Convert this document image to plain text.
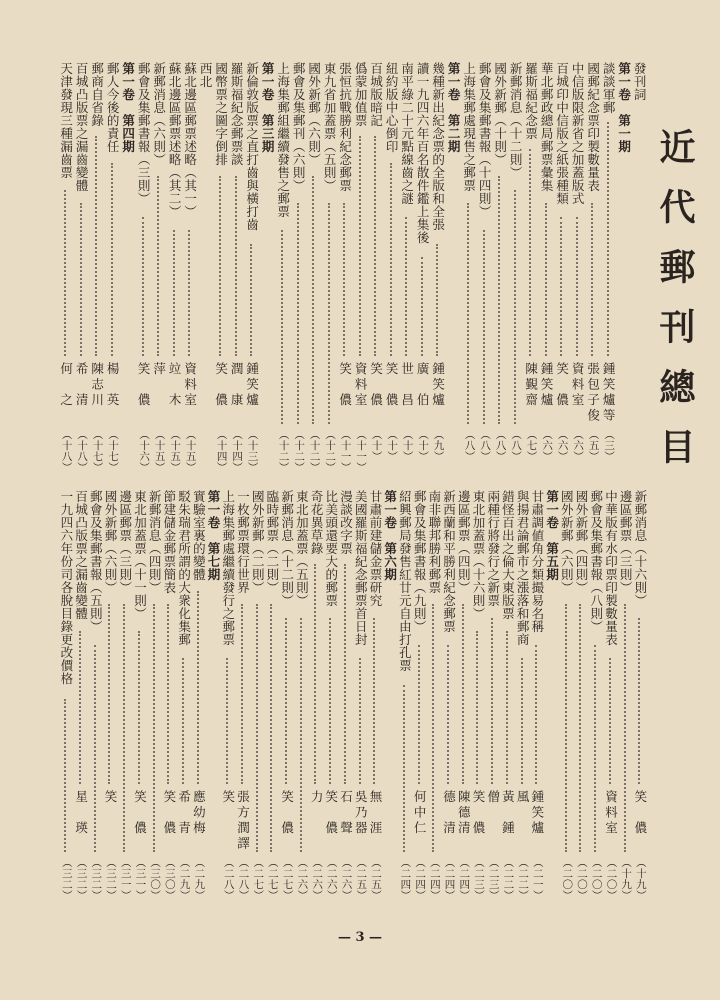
近代郵刊總目
發刊詞
第一卷　第一期
談談軍郵
鍾笑爐等
（三）
國郵紀念票印製數量表
張包子俊
（五）
中信版限新省之加蓋版式
資料室
（六）
百城印中信版之紙張種類
笑　儂
（六）
華北郵政總局郵票彙集
鍾笑爐
（六）
羅斯福紀念票
陳覲齋
（七）
新郵消息（十二則）
（八）
國外新郵（十則）
（八）
郵會及集郵書報（十四則）
（八）
上海集郵處現售之郵票
（八）
第一卷　第二期
幾種新出紀念票的全版和全張
鍾笑爐
（九）
讀一九四六年百名散件鑑上集後
廣　伯
（十）
南平綠二十元點線齒之謎
世　昌
（十）
紐約版中心倒印
笑　儂
（十）
百城版暗記
笑　儂
（十）
僞蒙加值票
資料室
（十一）
張恒抗戰勝利紀念郵票
笑　儂
（十一）
東九省加蓋票（五則）
（十二）
國外新郵（六則）
（十二）
郵會及集郵刊（六則）
（十二）
上海集郵組繼續發售之郵票
（十二）
第一卷　第三期
新倫敦版票之直打齒與橫打齒
鍾笑爐
（十三）
羅斯福紀念郵票談
潤　康
（十四）
國幣票之圖字倒排
笑　儂
（十四）
西北
蘇北邊區郵票述略（其一）
資料室
（十五）
蘇北邊區郵票述略（其二）
竝　木
（十五）
新郵消息（六則）
萍
（十五）
郵會及集郵書報（三則）
笑　儂
（十六）
第一卷　第四期
郵人今後的責任
楊　英
（十七）
郵商自省錄
陳志川
（十七）
百城凸版票之漏齒變體
希　清
（十八）
天津發現三種漏齒票
何　之
（十八）
新郵消息（十六則）
笑　儂
（十九）
邊區郵票（三則）
（十九）
中華版有水印票印製數量表
資料室
（二〇）
郵會及集郵書報（八則）
（二〇）
國外新郵（四則）
（二〇）
國外新郵（六則）
（二〇）
第一卷　第五期
甘肅調値角分類撮易名稱
鍾笑爐
（二一）
與揚君論郵市之漲落和郵商
風
（二二）
錯怪百出之倫大東版票
黃　鍾
（二二）
兩種行將發行之新票
僧
（二三）
東北加蓋票（十六則）
笑　儂
（二三）
邊區郵票（四則）
陳德清
（二四）
新西蘭和平勝利紀念郵票
德　清
（二四）
南非聯邦勝利郵票
（二四）
郵會及集郵書報（九則）
何中仁
（二四）
紹興郵局發售紅廿元自由打孔票
（二四）
第一卷　第六期
甘肅前建儲金票研究
無　涯
（二五）
美國羅斯福紀念郵票首日封
吳乃器
（二五）
漫談改字票
石　聲
（二六）
比美頭還要大的郵票
笑　儂
（二六）
奇花異草錄
力
（二六）
東北加蓋票（五則）
（二六）
新郵消息（十二則）
笑　儂
（二七）
臨時郵票（二則）
（二七）
國外新郵（二則）
（二七）
一枚郵票環行世界
張方潤譯
（二八）
上海集郵處繼續發行之郵票
笑
（二八）
第一卷　第七期
實驗室裏的變體
應幼梅
（二九）
駁朱瑞君所謂的大衆化集郵
希　青
（二九）
節建儲金郵票簡表
笑　儂
（三〇）
新郵消息（四則）
（三〇）
東北加蓋票（十一則）
笑　儂
（三一）
邊區郵票（三則）
（三一）
國外新郵（六則）
笑
（三二）
郵會及集郵書報（五則）
（三二）
百城凸版票之漏齒變體
星　瑛
（三二）
一九四六年份司各脫目錄更改價格
（三二）
— 3 —
